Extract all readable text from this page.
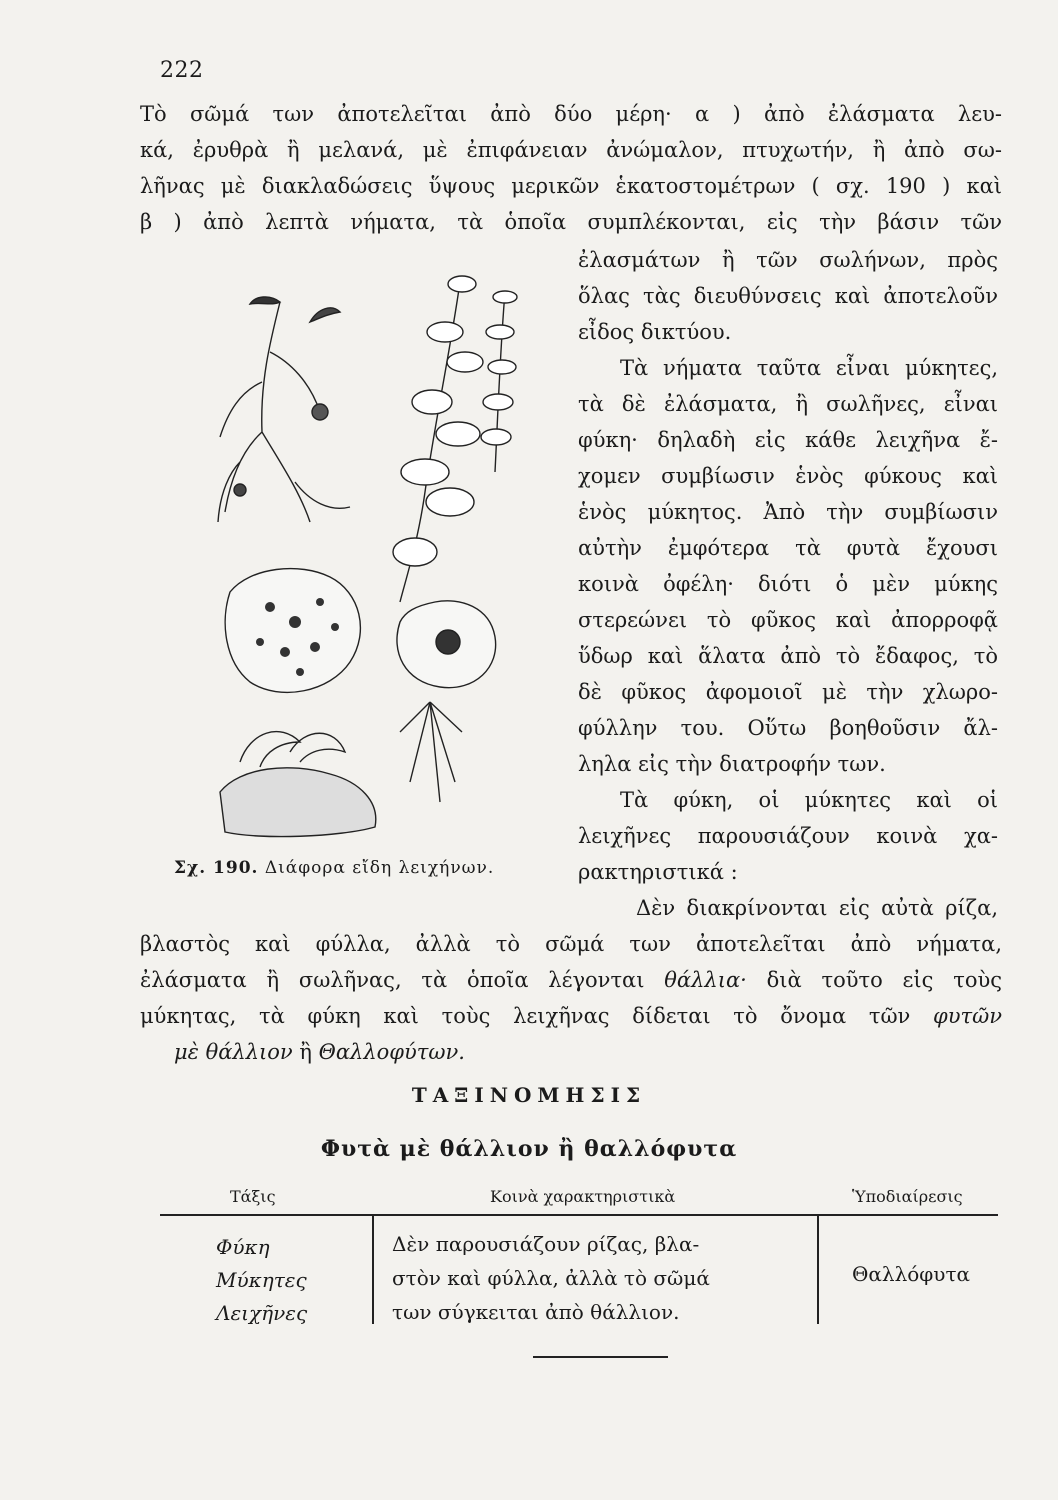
222
Τὸ σῶμά των ἀποτελεῖται ἀπὸ δύο μέρη· α ) ἀπὸ ἐλάσματα λευ-
κά, ἐρυθρὰ ἢ μελανά, μὲ ἐπιφάνειαν ἀνώμαλον, πτυχωτήν, ἢ ἀπὸ σω-
λῆνας μὲ διακλαδώσεις ὕψους μερικῶν ἑκατοστομέτρων ( σχ. 190 ) καὶ
β ) ἀπὸ λεπτὰ νήματα, τὰ ὁποῖα συμπλέκονται, εἰς τὴν βάσιν τῶν
ἐλασμάτων ἢ τῶν σωλήνων, πρὸς
ὅλας τὰς διευθύνσεις καὶ ἀποτελοῦν
εἶδος δικτύου.
Τὰ νήματα ταῦτα εἶναι μύκητες,
τὰ δὲ ἐλάσματα, ἢ σωλῆνες, εἶναι
φύκη· δηλαδὴ εἰς κάθε λειχῆνα ἔ-
χομεν συμβίωσιν ἑνὸς φύκους καὶ
ἑνὸς μύκητος. Ἀπὸ τὴν συμβίωσιν
αὐτὴν ἐμφότερα τὰ φυτὰ ἔχουσι
κοινὰ ὀφέλη· διότι ὁ μὲν μύκης
στερεώνει τὸ φῦκος καὶ ἀπορροφᾷ
ὕδωρ καὶ ἅλατα ἀπὸ τὸ ἔδαφος, τὸ
δὲ φῦκος ἀφομοιοῖ μὲ τὴν χλωρο-
φύλλην του. Οὕτω βοηθοῦσιν ἄλ-
ληλα εἰς τὴν διατροφήν των.
Τὰ φύκη, οἱ μύκητες καὶ οἱ
λειχῆνες παρουσιάζουν κοινὰ χα-
ρακτηριστικά :
Δὲν διακρίνονται εἰς αὐτὰ ρίζα,
Σχ. 190. Διάφορα εἴδη λειχήνων.
βλαστὸς καὶ φύλλα, ἀλλὰ τὸ σῶμά των ἀποτελεῖται ἀπὸ νήματα,
ἐλάσματα ἢ σωλῆνας, τὰ ὁποῖα λέγονται θάλλια· διὰ τοῦτο εἰς τοὺς
μύκητας, τὰ φύκη καὶ τοὺς λειχῆνας δίδεται τὸ ὄνομα τῶν φυτῶν
μὲ θάλλιον ἢ Θαλλοφύτων.
ΤΑΞΙΝΟΜΗΣΙΣ
Φυτὰ μὲ θάλλιον ἢ θαλλόφυτα
Τάξις	Κοινὰ χαρακτηριστικὰ	Ὑποδιαίρεσις
Φύκη
Μύκητες
Λειχῆνες
Δὲν παρουσιάζουν ρίζας, βλα-
στὸν καὶ φύλλα, ἀλλὰ τὸ σῶμά
των σύγκειται ἀπὸ θάλλιον.
Θαλλόφυτα
